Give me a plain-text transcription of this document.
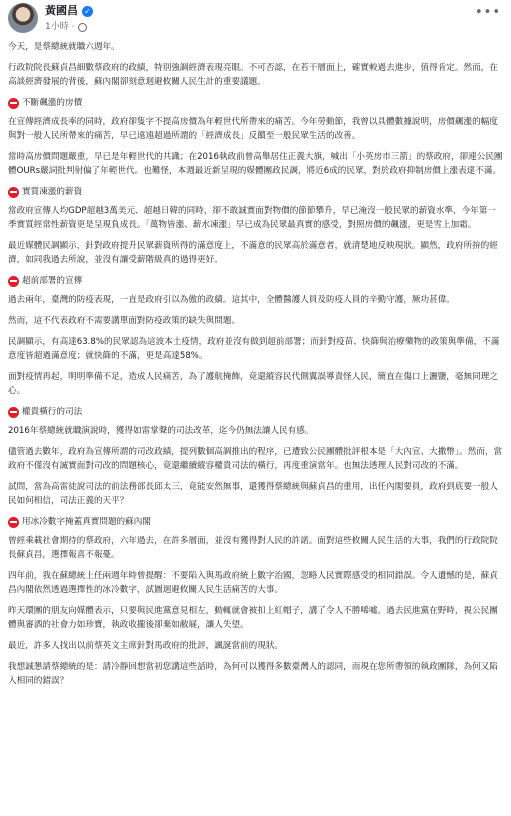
黃國昌 ✓
1小時 ·
•••

今天，是蔡總統就職六週年。

行政院院長蘇貞昌細數蔡政府的政績，特別強調經濟表現亮眼。不可否認，在若干層面上，確實較過去進步，值得肯定。然而，在高談經濟發展的背後，蘇內閣卻刻意迴避攸關人民生計的重要議題。

不斷飆漲的房價

在宣傳經濟成長率的同時，政府卻隻字不提高房價為年輕世代所帶來的痛苦。今年勞動節，我曾以具體數據說明，房價飆漲的幅度與對一般人民所帶來的痛苦，早已遠遠超過所謂的「經濟成長」反饋至一般民眾生活的改善。

當時高房價問題嚴重，早已是年輕世代的共識；在2016執政前曾高舉居住正義大旗，喊出「小英房市三箭」的蔡政府，卻連公民團體OURs嚴詞批判射偏了年輕世代。也難怪，本週最近新呈現的媒體團政民調，將近6成的民眾，對於政府抑制房價上漲表達不滿。

實質凍漲的薪資

當政府宣傳人均GDP超越3萬美元、超越日韓的同時，卻不敢誠實面對物價的節節攀升，早已淹沒一般民眾的薪資水準，今年第一季實質經常性薪資更是呈現負成長。「萬物皆漲、薪水凍漲」早已成為民眾最真實的感受，對照房價的飆漲，更是雪上加霜。

最近媒體民調顯示，針對政府提升民眾薪資所得的滿意度上，不滿意的民眾高於滿意者，就清楚地反映現狀。顯然，政府所拚的經濟，如同我過去所說，並沒有讓受薪階級真的過得更好。

超前部署的宣傳

過去兩年，臺灣的防疫表現，一直是政府引以為傲的政績。這其中，全體醫護人員及防疫人員的辛勤守護，厥功甚偉。

然而，這不代表政府不需要講單面對防疫政策的缺失與問題。

民調顯示，有高達63.8%的民眾認為這波本土疫情，政府並沒有做到超前部署；而針對疫苗、快篩與治療藥物的政策與準備，不滿意度皆超過滿意度；就快篩的不滿，更是高達58%。

面對疫情再起，明明準備不足，造成人民痛苦，為了護航掩飾，竟還縱容民代側翼誤導責怪人民，簡直在傷口上灑鹽，毫無同理之心。

權貴橫行的司法

2016年蔡總統就職演說時，獲得如雷掌聲的司法改革，迄今仍無法讓人民有感。

儘管過去數年，政府為宣傳所謂的司改政績，提列數個高調推出的程序，已遭致公民團體批評根本是「大內宣、大撒幣」。然而，當政府不僅沒有誠實面對司改的問題核心，竟還繼續縱容權貴司法的橫行，再度重演當年。也無法透理人民對司改的不滿。

試問，當為高雷徒說司法的前法務部長邱太三，竟能安然無事，還獲得蔡總統與蘇貞昌的重用，出任內閣要員，政府到底要一般人民如何相信，司法正義的天平？

用冰冷數字掩蓋真實問題的蘇內閣

曾經乘載社會期待的蔡政府，六年過去，在許多層面，並沒有獲得對人民的許諾。面對這些攸關人民生活的大事，我們的行政院院長蘇貞昌，選擇報喜不報憂。

四年前，我在蘇總統上任兩週年時曾提醒：不要陷入與馬政府統上數字治國，忽略人民實際感受的相同錯誤。令人遺憾的是，蘇貞昌內閣依然透過選擇性的冰冷數字，試圖迴避攸關人民生活痛苦的大事。

昨天環團的朋友向媒體表示，只要與民進黨意見相左，動輒就會被扣上紅帽子，講了令人不勝唏噓。過去民進黨在野時，視公民團體與審酒的社會力如珍寶，執政收攏後卻棄如敝屣，讓人失望。

最近，許多人找出以前蔡英文主席針對馬政府的批評，諷誕當前的現狀。

我想誠懇請蔡總統的是：請冷靜回想當初您講這些話時，為何可以獲得多數臺灣人的認同，而現在您所帶領的執政團隊，為何又陷入相同的錯誤？
